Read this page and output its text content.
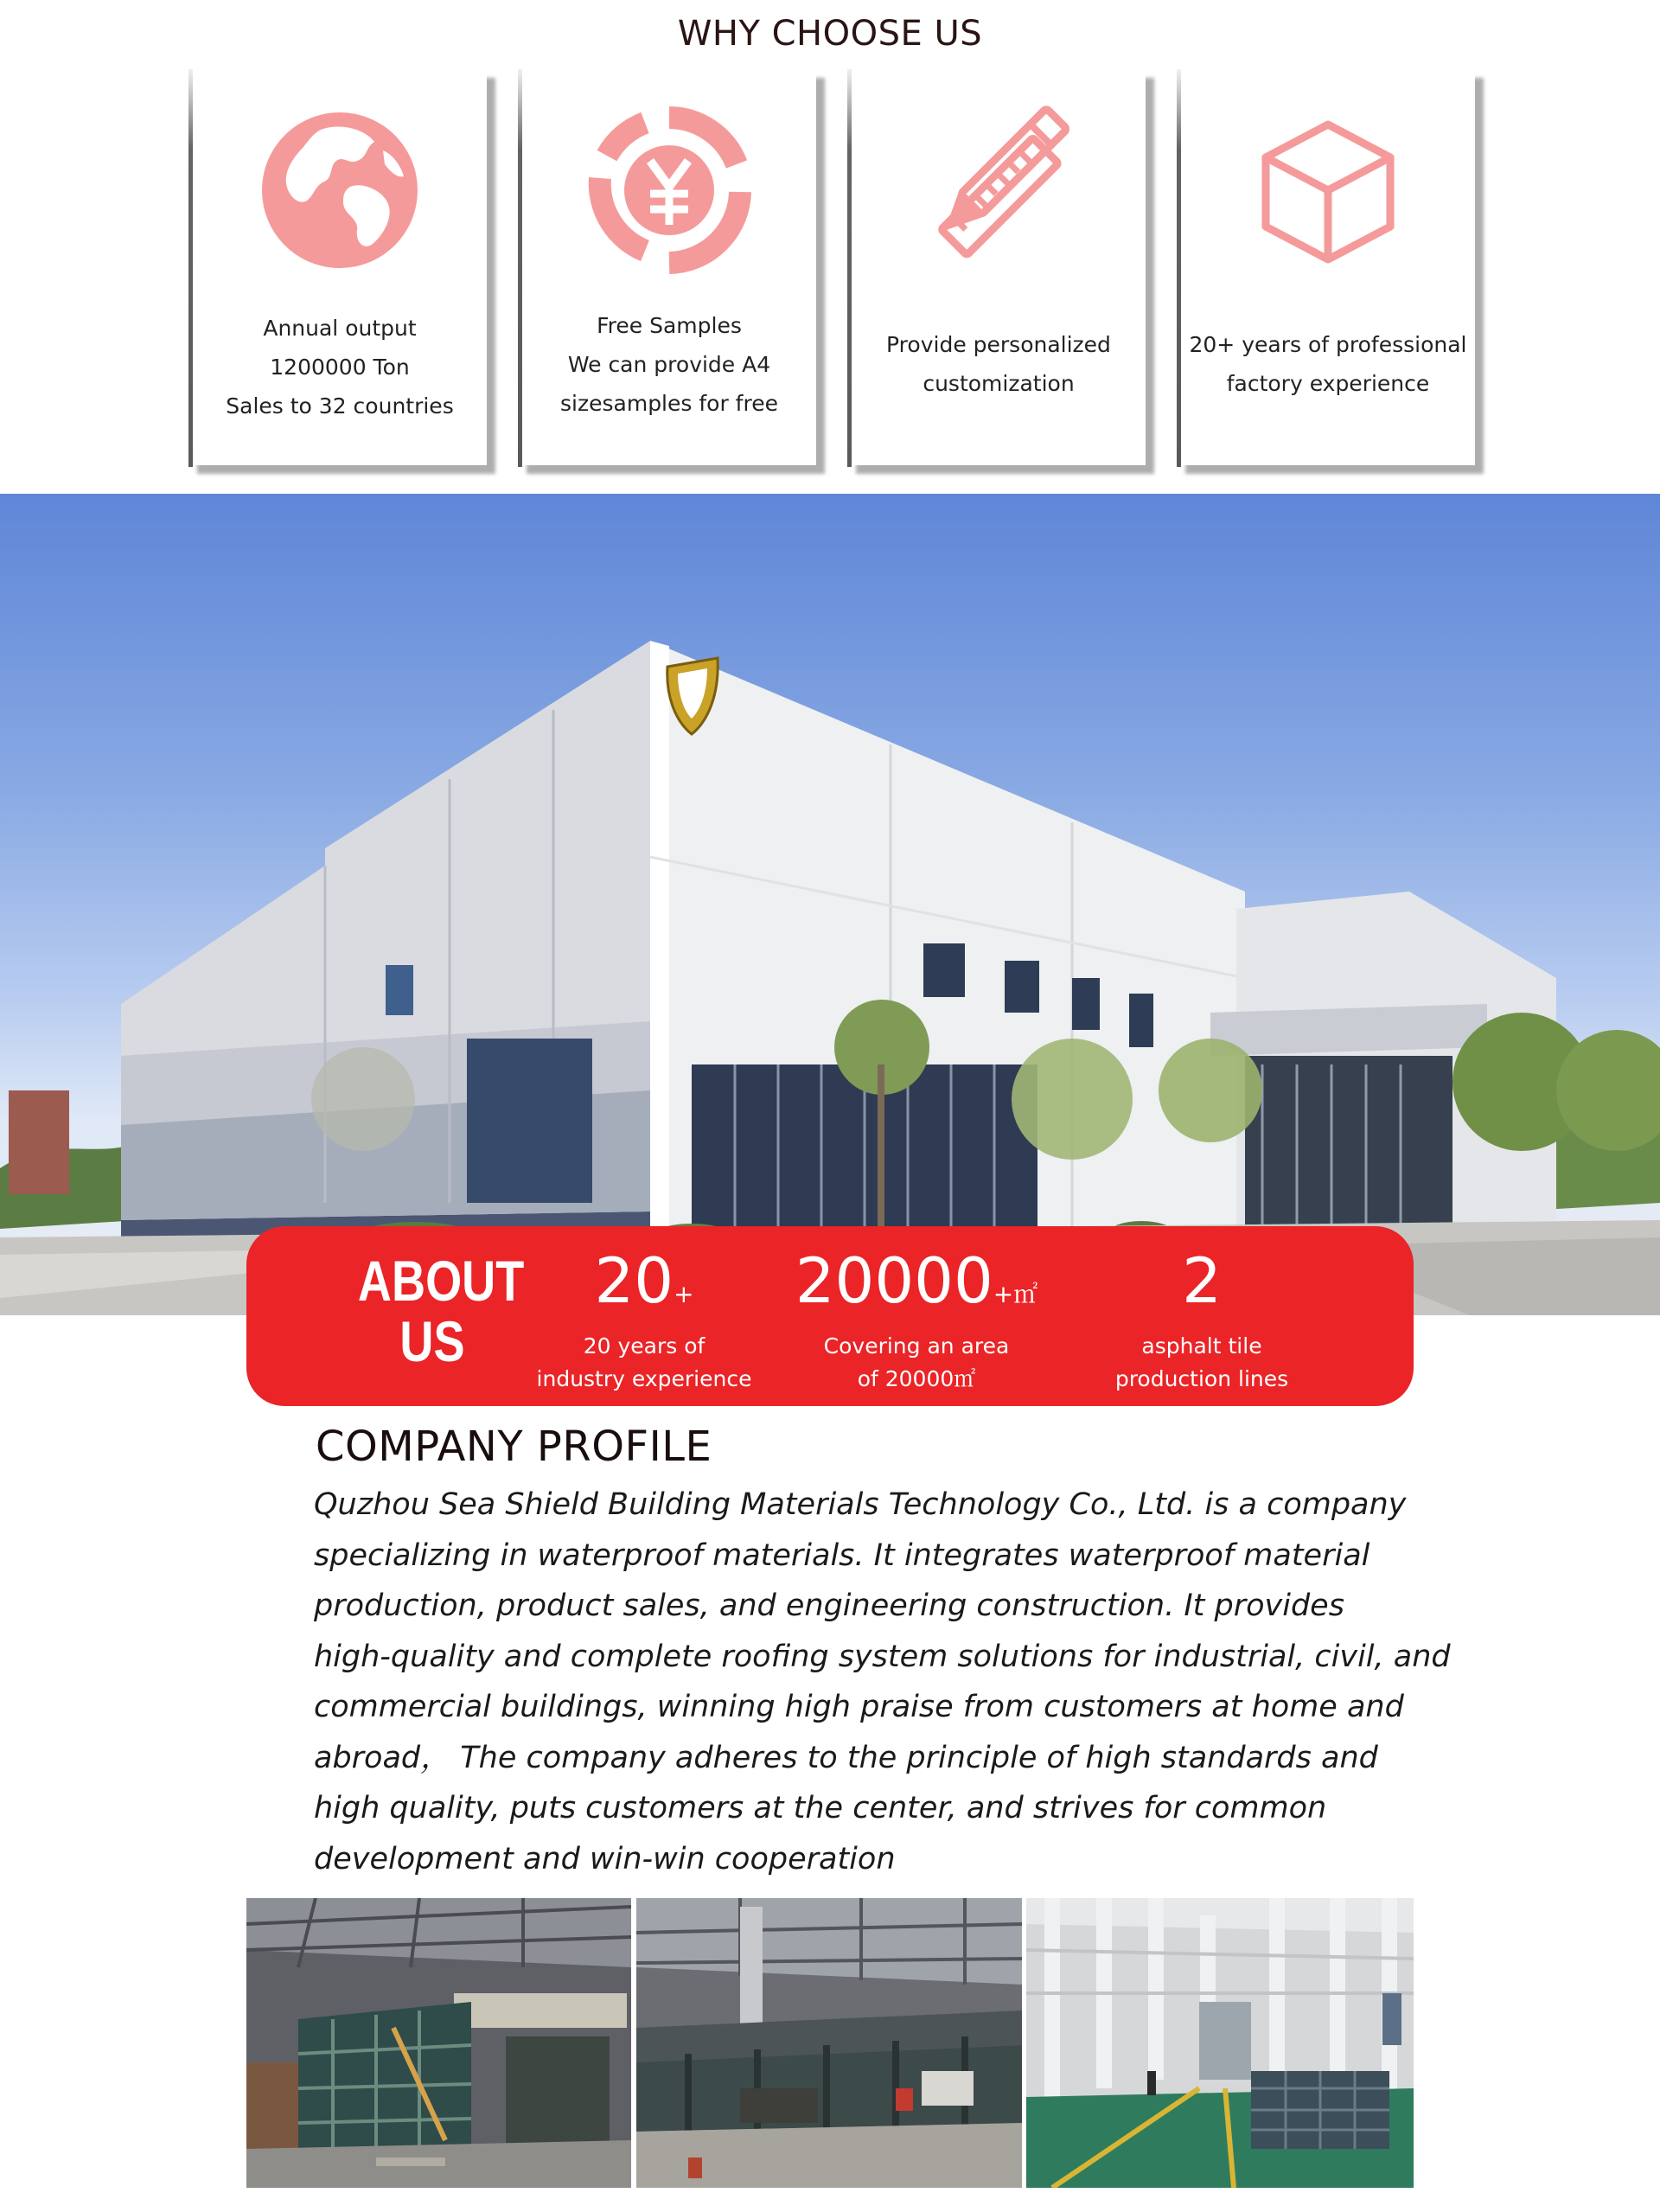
WHY CHOOSE US
Annual output
1200000 Ton
Sales to 32 countries
Free Samples
We can provide A4
sizesamples for free
Provide personalized
customization
20+ years of professional
factory experience
ABOUT
US
20+
20 years of
industry experience
20000+㎡
Covering an area
of 20000㎡
2
asphalt tile
production lines
COMPANY PROFILE
Quzhou Sea Shield Building Materials Technology Co., Ltd. is a company
specializing in waterproof materials. It integrates waterproof material
production, product sales, and engineering construction. It provides
high-quality and complete roofing system solutions for industrial, civil, and
commercial buildings, winning high praise from customers at home and
abroad， The company adheres to the principle of high standards and
high quality, puts customers at the center, and strives for common
development and win-win cooperation
